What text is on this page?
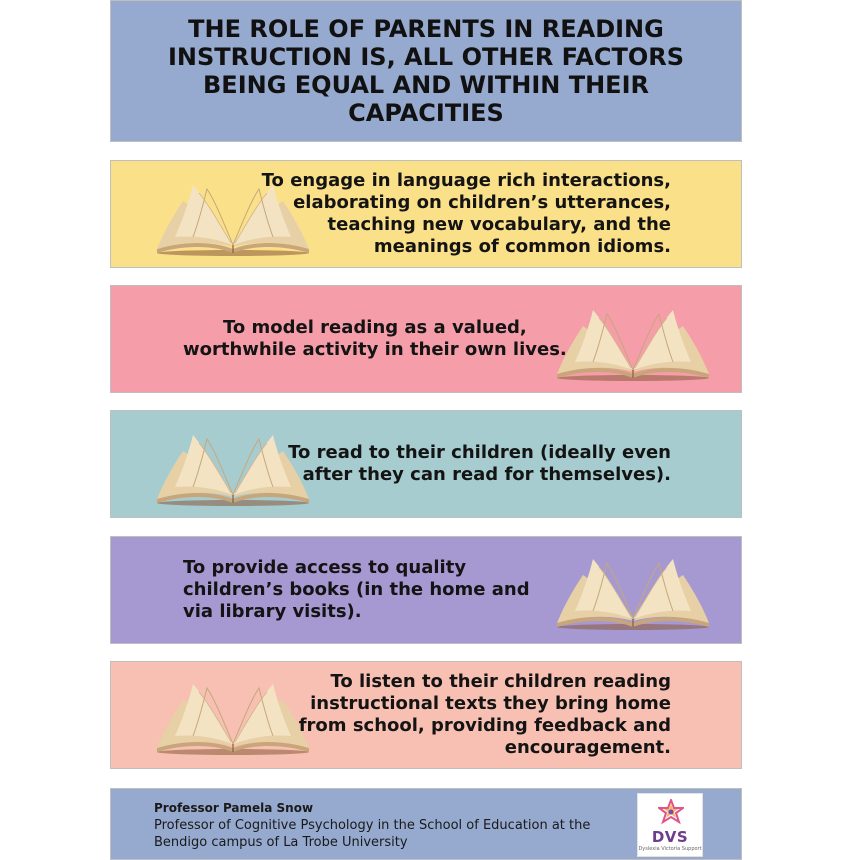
THE ROLE OF PARENTS IN READING INSTRUCTION IS, ALL OTHER FACTORS BEING EQUAL AND WITHIN THEIR CAPACITIES
To engage in language rich interactions,
elaborating on children’s utterances,
teaching new vocabulary, and the
meanings of common idioms.
To model reading as a valued,
worthwhile activity in their own lives.
To read to their children (ideally even
after they can read for themselves).
To provide access to quality
children’s books (in the home and
via library visits).
To listen to their children reading
instructional texts they bring home
from school, providing feedback and
encouragement.
Professor Pamela Snow
Professor of Cognitive Psychology in the School of Education at the Bendigo campus of La Trobe University	DVS
Dyslexia Victoria Support
